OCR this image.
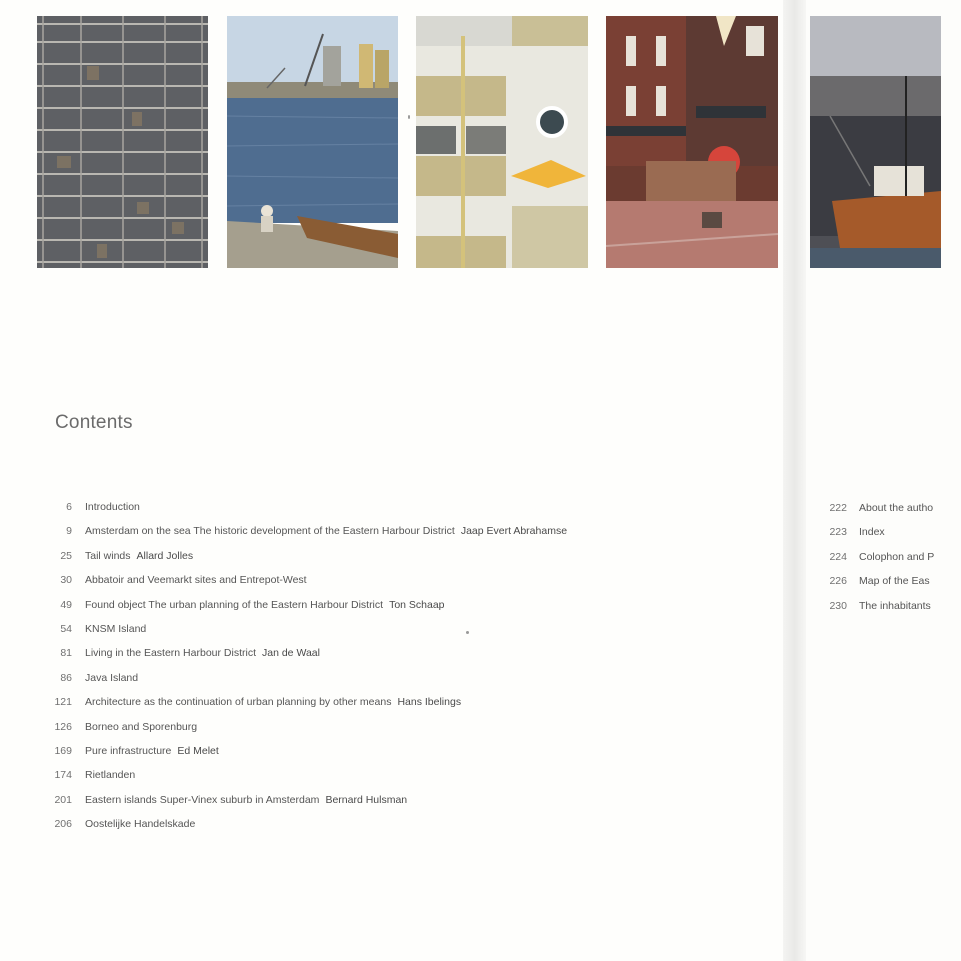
Contents
6 Introduction
9 Amsterdam on the sea The historic development of the Eastern Harbour District Jaap Evert Abrahamse
25 Tail winds Allard Jolles
30 Abbatoir and Veemarkt sites and Entrepot-West
49 Found object The urban planning of the Eastern Harbour District Ton Schaap
54 KNSM Island
81 Living in the Eastern Harbour District Jan de Waal
86 Java Island
121 Architecture as the continuation of urban planning by other means Hans Ibelings
126 Borneo and Sporenburg
169 Pure infrastructure Ed Melet
174 Rietlanden
201 Eastern islands Super-Vinex suburb in Amsterdam Bernard Hulsman
206 Oostelijke Handelskade
222 About the autho
223 Index
224 Colophon and P
226 Map of the Eas
230 The inhabitants
